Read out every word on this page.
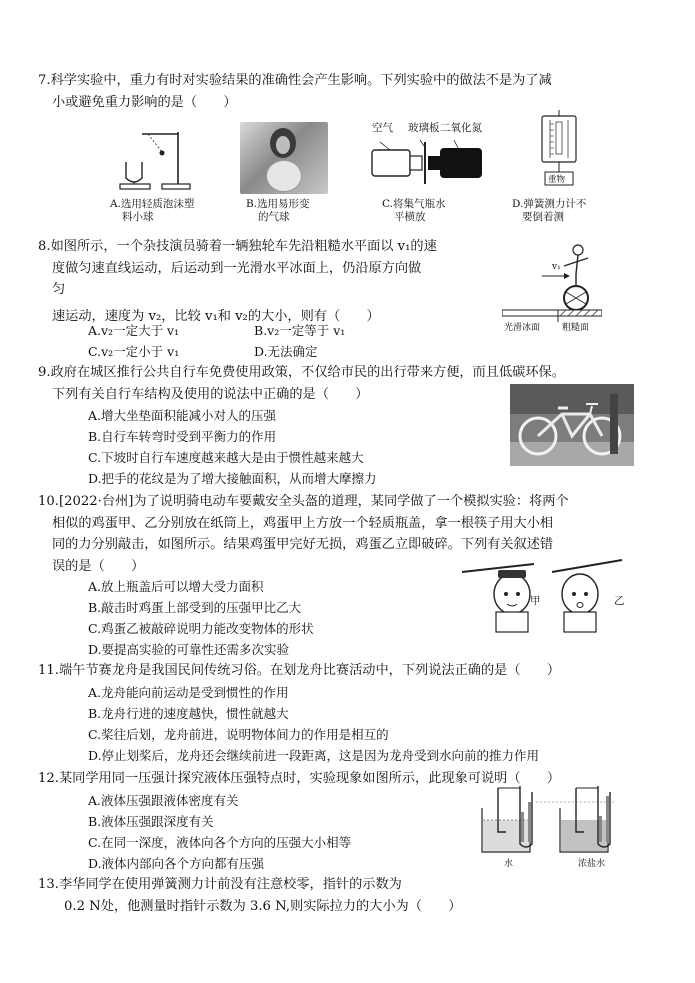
7.科学实验中，重力有时对实验结果的准确性会产生影响。下列实验中的做法不是为了减
小或避免重力影响的是（　　）
A.选用轻质泡沫塑
料小球
B.选用易形变
的气球
空气 玻璃板 二氧化氮
C.将集气瓶水
平横放
重物
D.弹簧测力计不
要倒着测
8.如图所示，一个杂技演员骑着一辆独轮车先沿粗糙水平面以 v₁的速
度做匀速直线运动，后运动到一光滑水平冰面上，仍沿原方向做
匀
速运动，速度为 v₂，比较 v₁和 v₂的大小，则有（　　）
A.v₂一定大于 v₁	B.v₂一定等于 v₁
C.v₂一定小于 v₁	D.无法确定
v₁
光滑冰面 粗糙面
9.政府在城区推行公共自行车免费使用政策，不仅给市民的出行带来方便，而且低碳环保。
下列有关自行车结构及使用的说法中正确的是（　　）
A.增大坐垫面积能减小对人的压强
B.自行车转弯时受到平衡力的作用
C.下坡时自行车速度越来越大是由于惯性越来越大
D.把手的花纹是为了增大接触面积，从而增大摩擦力
10.[2022·台州]为了说明骑电动车要戴安全头盔的道理，某同学做了一个模拟实验：将两个
相似的鸡蛋甲、乙分别放在纸筒上，鸡蛋甲上方放一个轻质瓶盖，拿一根筷子用大小相
同的力分别敲击，如图所示。结果鸡蛋甲完好无损，鸡蛋乙立即破碎。下列有关叙述错
误的是（　　）
A.放上瓶盖后可以增大受力面积
B.敲击时鸡蛋上部受到的压强甲比乙大
C.鸡蛋乙被敲碎说明力能改变物体的形状
D.要提高实验的可靠性还需多次实验
甲	乙
11.端午节赛龙舟是我国民间传统习俗。在划龙舟比赛活动中，下列说法正确的是（　　）
A.龙舟能向前运动是受到惯性的作用
B.龙舟行进的速度越快，惯性就越大
C.桨往后划，龙舟前进，说明物体间力的作用是相互的
D.停止划桨后，龙舟还会继续前进一段距离，这是因为龙舟受到水向前的推力作用
12.某同学用同一压强计探究液体压强特点时，实验现象如图所示，此现象可说明（　　）
A.液体压强跟液体密度有关
B.液体压强跟深度有关
C.在同一深度，液体向各个方向的压强大小相等
D.液体内部向各个方向都有压强	水	浓盐水
13.李华同学在使用弹簧测力计前没有注意校零，指针的示数为
0.2 N处，他测量时指针示数为 3.6 N,则实际拉力的大小为（　　）
